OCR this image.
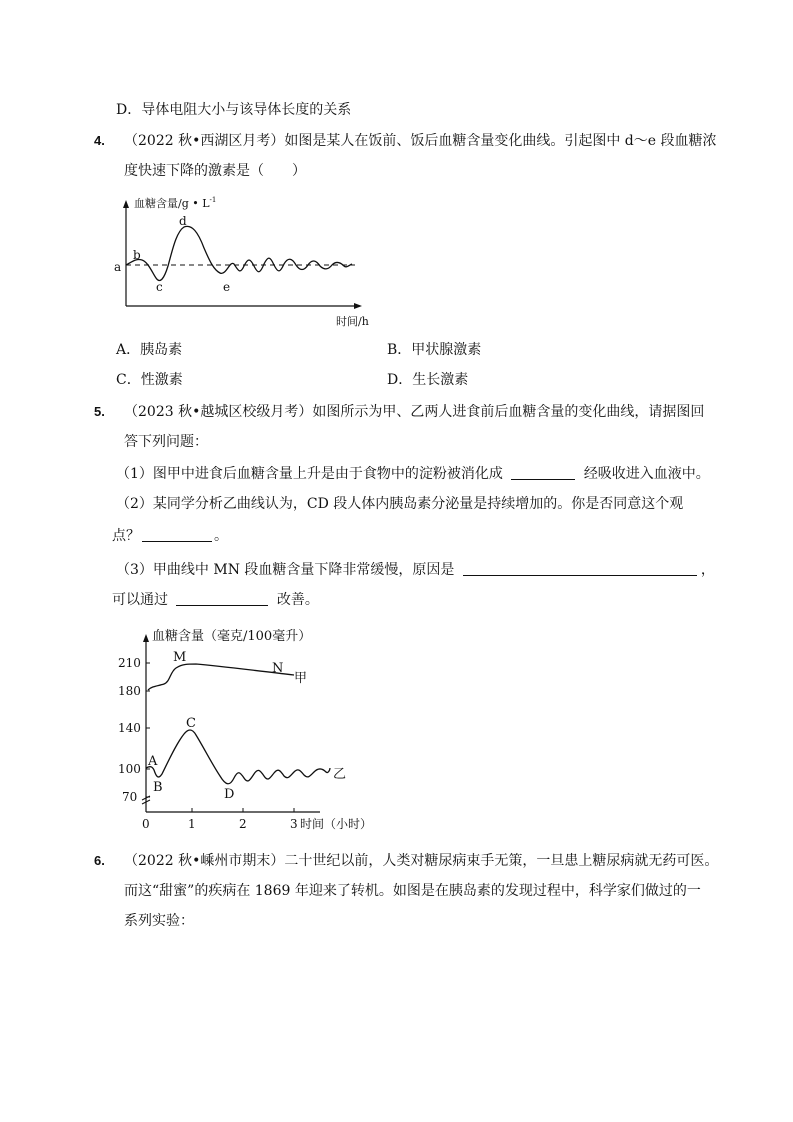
D．导体电阻大小与该导体长度的关系
4. （2022 秋•西湖区月考）如图是某人在饭前、饭后血糖含量变化曲线。引起图中 d～e 段血糖浓
度快速下降的激素是（　　）
血糖含量/g • $L^{-1}$
时间/h
a
b
c
d
e
A．胰岛素	B．甲状腺激素
C．性激素	D．生长激素
5. （2023 秋•越城区校级月考）如图所示为甲、乙两人进食前后血糖含量的变化曲线，请据图回
答下列问题：
（1）图甲中进食后血糖含量上升是由于食物中的淀粉被消化成	经吸收进入血液中。
（2）某同学分析乙曲线认为，CD 段人体内胰岛素分泌量是持续增加的。你是否同意这个观
点？	。
（3）甲曲线中 MN 段血糖含量下降非常缓慢，原因是	，
可以通过	改善。
血糖含量（毫克/100毫升）
210
180
140
100
70
0	1	2	3 时间（小时）
M
N
甲
A
B
C
D
乙
6. （2022 秋•嵊州市期末）二十世纪以前，人类对糖尿病束手无策，一旦患上糖尿病就无药可医。
而这“甜蜜”的疾病在 1869 年迎来了转机。如图是在胰岛素的发现过程中，科学家们做过的一
系列实验：
